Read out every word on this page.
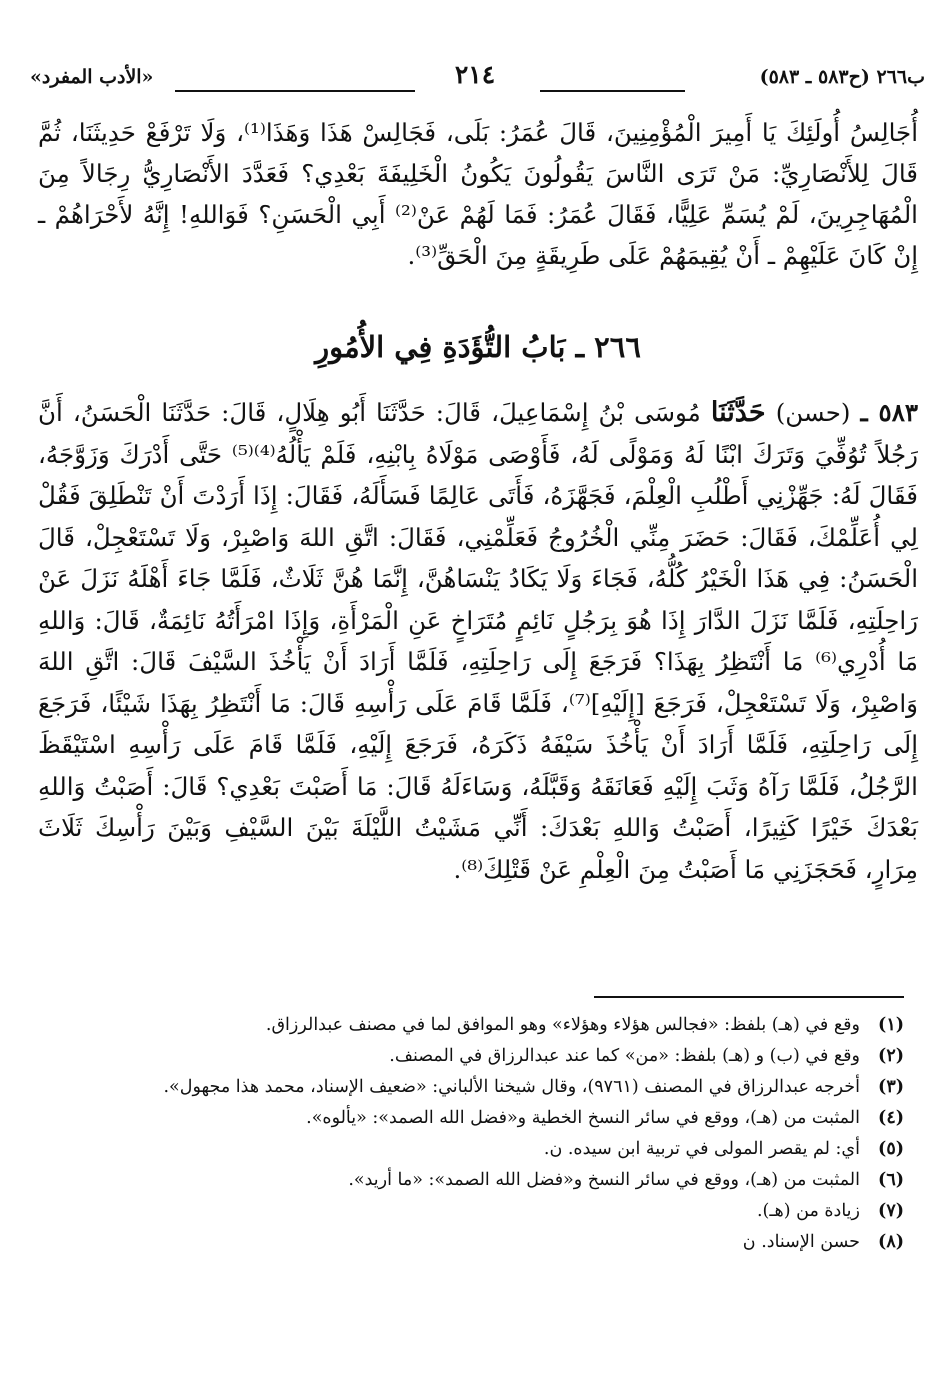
«الأدب المفرد»	٢١٤	ب٢٦٦ (ح٥٨٣ ـ ٥٨٣)

أُجَالِسُ أُولَئِكَ يَا أَمِيرَ الْمُؤْمِنِينَ، قَالَ عُمَرُ: بَلَى، فَجَالِسْ هَذَا وَهَذَا⁽¹⁾، وَلَا تَرْفَعْ حَدِيثَنَا، ثُمَّ قَالَ لِلأَنْصَارِيِّ: مَنْ تَرَى النَّاسَ يَقُولُونَ يَكُونُ الْخَلِيفَةَ بَعْدِي؟ فَعَدَّدَ الأَنْصَارِيُّ رِجَالاً مِنَ الْمُهَاجِرِينَ، لَمْ يُسَمِّ عَلِيًّا، فَقَالَ عُمَرُ: فَمَا لَهُمْ عَنْ⁽²⁾ أَبِي الْحَسَنِ؟ فَوَاللهِ! إِنَّهُ لأَحْرَاهُمْ ـ إِنْ كَانَ عَلَيْهِمْ ـ أَنْ يُقِيمَهُمْ عَلَى طَرِيقَةٍ مِنَ الْحَقِّ⁽³⁾.

٢٦٦ ـ بَابُ التُّؤَدَةِ فِي الأُمُورِ

٥٨٣ ـ (حسن) حَدَّثَنَا مُوسَى بْنُ إِسْمَاعِيلَ، قَالَ: حَدَّثَنَا أَبُو هِلَالٍ، قَالَ: حَدَّثَنَا الْحَسَنُ، أَنَّ رَجُلاً تُوُفِّيَ وَتَرَكَ ابْنًا لَهُ وَمَوْلًى لَهُ، فَأَوْصَى مَوْلَاهُ بِابْنِهِ، فَلَمْ يَأْلُهُ⁽⁴⁾⁽⁵⁾ حَتَّى أَدْرَكَ وَزَوَّجَهُ، فَقَالَ لَهُ: جَهِّزْنِي أَطْلُبِ الْعِلْمَ، فَجَهَّزَهُ، فَأَتَى عَالِمًا فَسَأَلَهُ، فَقَالَ: إِذَا أَرَدْتَ أَنْ تَنْطَلِقَ فَقُلْ لِي أُعَلِّمْكَ، فَقَالَ: حَضَرَ مِنِّي الْخُرُوجُ فَعَلِّمْنِي، فَقَالَ: اتَّقِ اللهَ وَاصْبِرْ، وَلَا تَسْتَعْجِلْ، قَالَ الْحَسَنُ: فِي هَذَا الْخَيْرُ كُلُّهُ، فَجَاءَ وَلَا يَكَادُ يَنْسَاهُنَّ، إِنَّمَا هُنَّ ثَلَاثٌ، فَلَمَّا جَاءَ أَهْلَهُ نَزَلَ عَنْ رَاحِلَتِهِ، فَلَمَّا نَزَلَ الدَّارَ إِذَا هُوَ بِرَجُلٍ نَائِمٍ مُتَرَاخٍ عَنِ الْمَرْأَةِ، وَإِذَا امْرَأَتُهُ نَائِمَةٌ، قَالَ: وَاللهِ مَا أُدْرِي⁽⁶⁾ مَا أَنْتَظِرُ بِهَذَا؟ فَرَجَعَ إِلَى رَاحِلَتِهِ، فَلَمَّا أَرَادَ أَنْ يَأْخُذَ السَّيْفَ قَالَ: اتَّقِ اللهَ وَاصْبِرْ، وَلَا تَسْتَعْجِلْ، فَرَجَعَ [إِلَيْهِ]⁽⁷⁾، فَلَمَّا قَامَ عَلَى رَأْسِهِ قَالَ: مَا أَنْتَظِرُ بِهَذَا شَيْئًا، فَرَجَعَ إِلَى رَاحِلَتِهِ، فَلَمَّا أَرَادَ أَنْ يَأْخُذَ سَيْفَهُ ذَكَرَهُ، فَرَجَعَ إِلَيْهِ، فَلَمَّا قَامَ عَلَى رَأْسِهِ اسْتَيْقَظَ الرَّجُلُ، فَلَمَّا رَآهُ وَثَبَ إِلَيْهِ فَعَانَقَهُ وَقَبَّلَهُ، وَسَاءَلَهُ قَالَ: مَا أَصَبْتَ بَعْدِي؟ قَالَ: أَصَبْتُ وَاللهِ بَعْدَكَ خَيْرًا كَثِيرًا، أَصَبْتُ وَاللهِ بَعْدَكَ: أَنِّي مَشَيْتُ اللَّيْلَةَ بَيْنَ السَّيْفِ وَبَيْنَ رَأْسِكَ ثَلَاثَ مِرَارٍ، فَحَجَزَنِي مَا أَصَبْتُ مِنَ الْعِلْمِ عَنْ قَتْلِكَ⁽⁸⁾.

(١)
وقع في (هـ) بلفظ: «فجالس هؤلاء وهؤلاء» وهو الموافق لما في مصنف عبدالرزاق.
(٢)
وقع في (ب) و (هـ) بلفظ: «من» كما عند عبدالرزاق في المصنف.
(٣)
أخرجه عبدالرزاق في المصنف (٩٧٦١)، وقال شيخنا الألباني: «ضعيف الإسناد، محمد هذا مجهول».
(٤)
المثبت من (هـ)، ووقع في سائر النسخ الخطية و«فضل الله الصمد»: «يألوه».
(٥)
أي: لم يقصر المولى في تربية ابن سيده. ن.
(٦)
المثبت من (هـ)، ووقع في سائر النسخ و«فضل الله الصمد»: «ما أريد».
(٧)
زيادة من (هـ).
(٨)
حسن الإسناد. ن
